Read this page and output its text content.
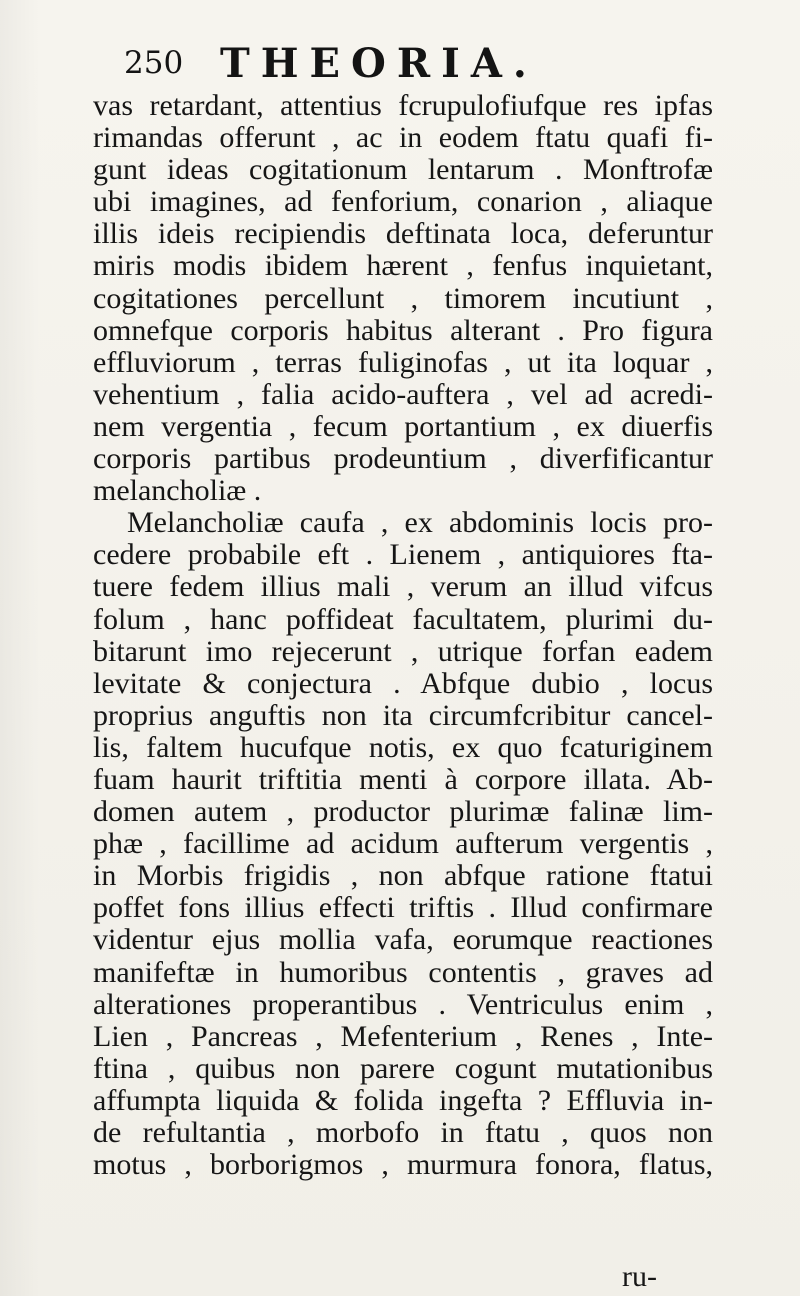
250 THEORIA.
vas retardant, attentius fcrupulofiufque res ipfas
rimandas offerunt , ac in eodem ftatu quafi fi-
gunt ideas cogitationum lentarum . Monftrofæ
ubi imagines, ad fenforium, conarion , aliaque
illis ideis recipiendis deftinata loca, deferuntur
miris modis ibidem hærent , fenfus inquietant,
cogitationes percellunt , timorem incutiunt ,
omnefque corporis habitus alterant . Pro figura
effluviorum , terras fuliginofas , ut ita loquar ,
vehentium , falia acido-auftera , vel ad acredi-
nem vergentia , fecum portantium , ex diuerfis
corporis partibus prodeuntium , diverfificantur
melancholiæ .
Melancholiæ caufa , ex abdominis locis pro-
cedere probabile eft . Lienem , antiquiores fta-
tuere fedem illius mali , verum an illud vifcus
folum , hanc poffideat facultatem, plurimi du-
bitarunt imo rejecerunt , utrique forfan eadem
levitate & conjectura . Abfque dubio , locus
proprius anguftis non ita circumfcribitur cancel-
lis, faltem hucufque notis, ex quo fcaturiginem
fuam haurit triftitia menti à corpore illata. Ab-
domen autem , productor plurimæ falinæ lim-
phæ , facillime ad acidum aufterum vergentis ,
in Morbis frigidis , non abfque ratione ftatui
poffet fons illius effecti triftis . Illud confirmare
videntur ejus mollia vafa, eorumque reactiones
manifeftæ in humoribus contentis , graves ad
alterationes properantibus . Ventriculus enim ,
Lien , Pancreas , Mefenterium , Renes , Inte-
ftina , quibus non parere cogunt mutationibus
affumpta liquida & folida ingefta ? Effluvia in-
de refultantia , morbofo in ftatu , quos non
motus , borborigmos , murmura fonora, flatus,
ru-
